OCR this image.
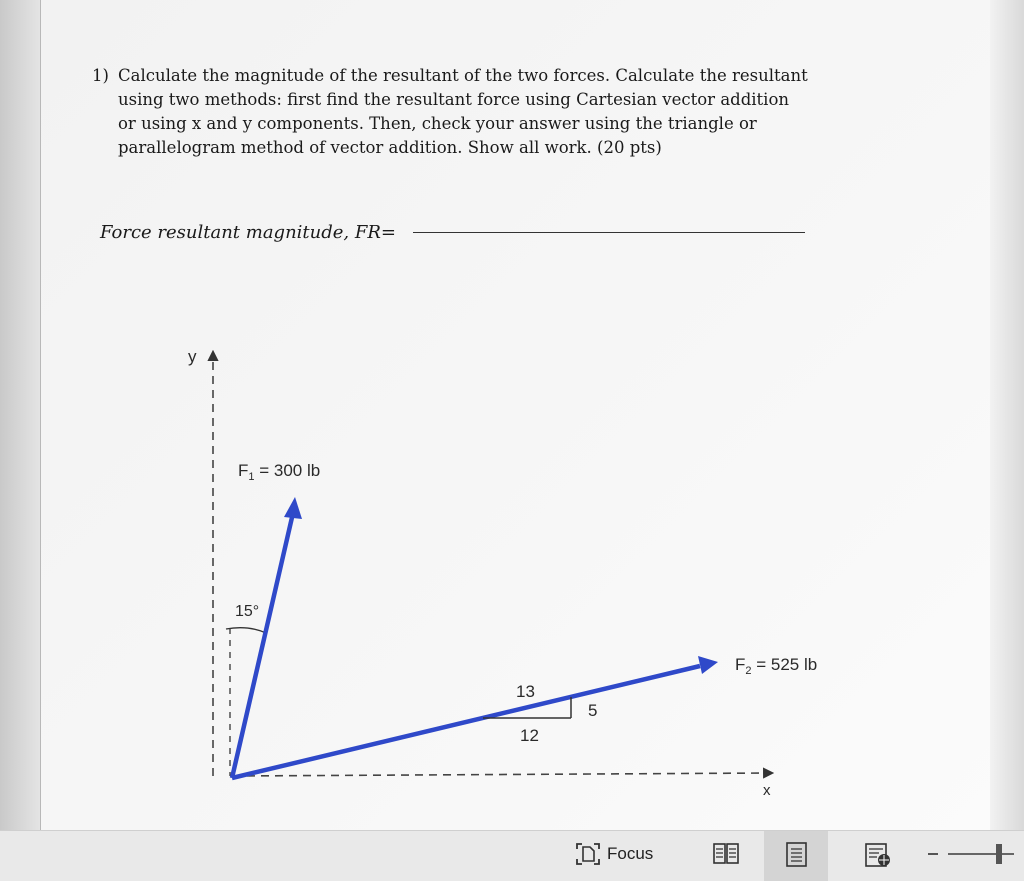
1) Calculate the magnitude of the resultant of the two forces. Calculate the resultant using two methods: first find the resultant force using Cartesian vector addition or using x and y components. Then, check your answer using the triangle or parallelogram method of vector addition. Show all work. (20 pts)
Force resultant magnitude, FR=
y
x
15°
$F_1 = 300$ lb
$F_2 = 525$ lb
13
5
12
Focus
